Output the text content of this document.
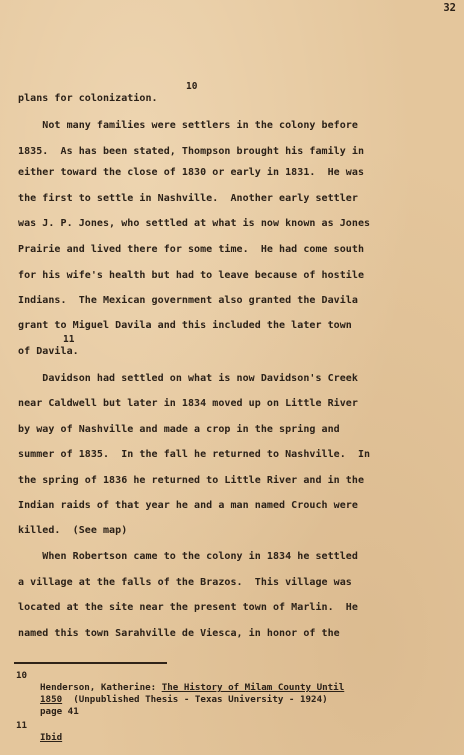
32
plans for colonization.
10
Not many families were settlers in the colony before
1835.  As has been stated, Thompson brought his family in
either toward the close of 1830 or early in 1831.  He was
the first to settle in Nashville.  Another early settler
was J. P. Jones, who settled at what is now known as Jones
Prairie and lived there for some time.  He had come south
for his wife's health but had to leave because of hostile
Indians.  The Mexican government also granted the Davila
grant to Miguel Davila and this included the later town
of Davila.
11
Davidson had settled on what is now Davidson's Creek
near Caldwell but later in 1834 moved up on Little River
by way of Nashville and made a crop in the spring and
summer of 1835.  In the fall he returned to Nashville.  In
the spring of 1836 he returned to Little River and in the
Indian raids of that year he and a man named Crouch were
killed.  (See map)
When Robertson came to the colony in 1834 he settled
a village at the falls of the Brazos.  This village was
located at the site near the present town of Marlin.  He
named this town Sarahville de Viesca, in honor of the
10
Henderson, Katherine: The History of Milam County Until
1850  (Unpublished Thesis - Texas University - 1924)
page 41
11
Ibid
